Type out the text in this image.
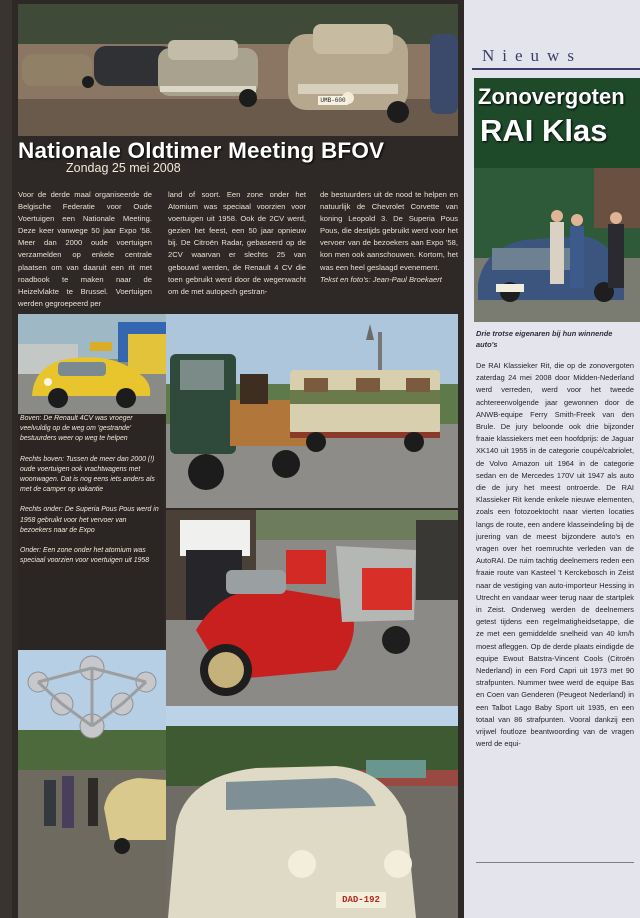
UMB-600
Nationale Oldtimer Meeting BFOV
Zondag 25 mei 2008

Voor de derde maal organiseerde de Belgische Federatie voor Oude Voertuigen een Nationale Meeting. Deze keer vanwege 50 jaar Expo '58. Meer dan 2000 oude voertuigen verzamelden op enkele centrale plaatsen om van daaruit een rit met roadbook te maken naar de Heizelvlakte te Brussel. Voertuigen werden gegroepeerd per

land of soort. Een zone onder het Atomium was speciaal voorzien voor voertuigen uit 1958. Ook de 2CV werd, gezien het feest, een 50 jaar opnieuw bij. De Citroën Radar, gebaseerd op de 2CV waarvan er slechts 25 van gebouwd werden, de Renault 4 CV die toen gebruikt werd door de wegenwacht om de met autopech gestran-

de bestuurders uit de nood te helpen en natuurlijk de Chevrolet Corvette van koning Leopold 3. De Superia Pous Pous, die destijds gebruikt werd voor het vervoer van de bezoekers aan Expo '58, kon men ook aanschouwen. Kortom, het was een heel geslaagd evenement.

Tekst en foto's: Jean-Paul Broekaert

Boven: De Renault 4CV was vroeger veelvuldig op de weg om 'gestrande' bestuurders weer op weg te helpen

Rechts boven: Tussen de meer dan 2000 (!) oude voertuigen ook vrachtwagens met woonwagen. Dat is nog eens iets anders als met de camper op vakantie

Rechts onder: De Superia Pous Pous werd in 1958 gebruikt voor het vervoer van bezoekers naar de Expo

Onder: Een zone onder het atomium was speciaal voorzien voor voertuigen uit 1958

DAD-192
Nieuws
Zonovergoten
RAI Klas
Drie trotse eigenaren bij hun winnende auto's

De RAI Klassieker Rit, die op de zonovergoten zaterdag 24 mei 2008 door Midden-Nederland werd verreden, werd voor het tweede achtereenvolgende jaar gewonnen door de ANWB-equipe Ferry Smith-Freek van den Brule. De jury beloonde ook drie bijzonder fraaie klassiekers met een hoofdprijs: de Jaguar XK140 uit 1955 in de categorie coupé/cabriolet, de Volvo Amazon uit 1964 in de categorie sedan en de Mercedes 170V uit 1947 als auto die de jury het meest ontroerde. De RAI Klassieker Rit kende enkele nieuwe elementen, zoals een fotozoektocht naar vierten locaties langs de route, een andere klasseindeling bij de jurering van de meest bijzondere auto's en vragen over het roemruchte verleden van de AutoRAI. De ruim tachtig deelnemers reden een fraaie route van Kasteel 't Kerckebosch in Zeist naar de vestiging van auto-importeur Hessing in Utrecht en vandaar weer terug naar de startplek in Zeist. Onderweg werden de deelnemers getest tijdens een regelmatigheidsetappe, die ze met een gemiddelde snelheid van 40 km/h moest afleggen. Op de derde plaats eindigde de equipe Ewout Batstra-Vincent Cools (Citroën Nederland) in een Ford Capri uit 1973 met 90 strafpunten. Nummer twee werd de equipe Bas en Coen van Genderen (Peugeot Nederland) in een Talbot Lago Baby Sport uit 1935, en een totaal van 86 strafpunten. Vooral dankzij een vrijwel foutloze beantwoording van de vragen werd de equi-
